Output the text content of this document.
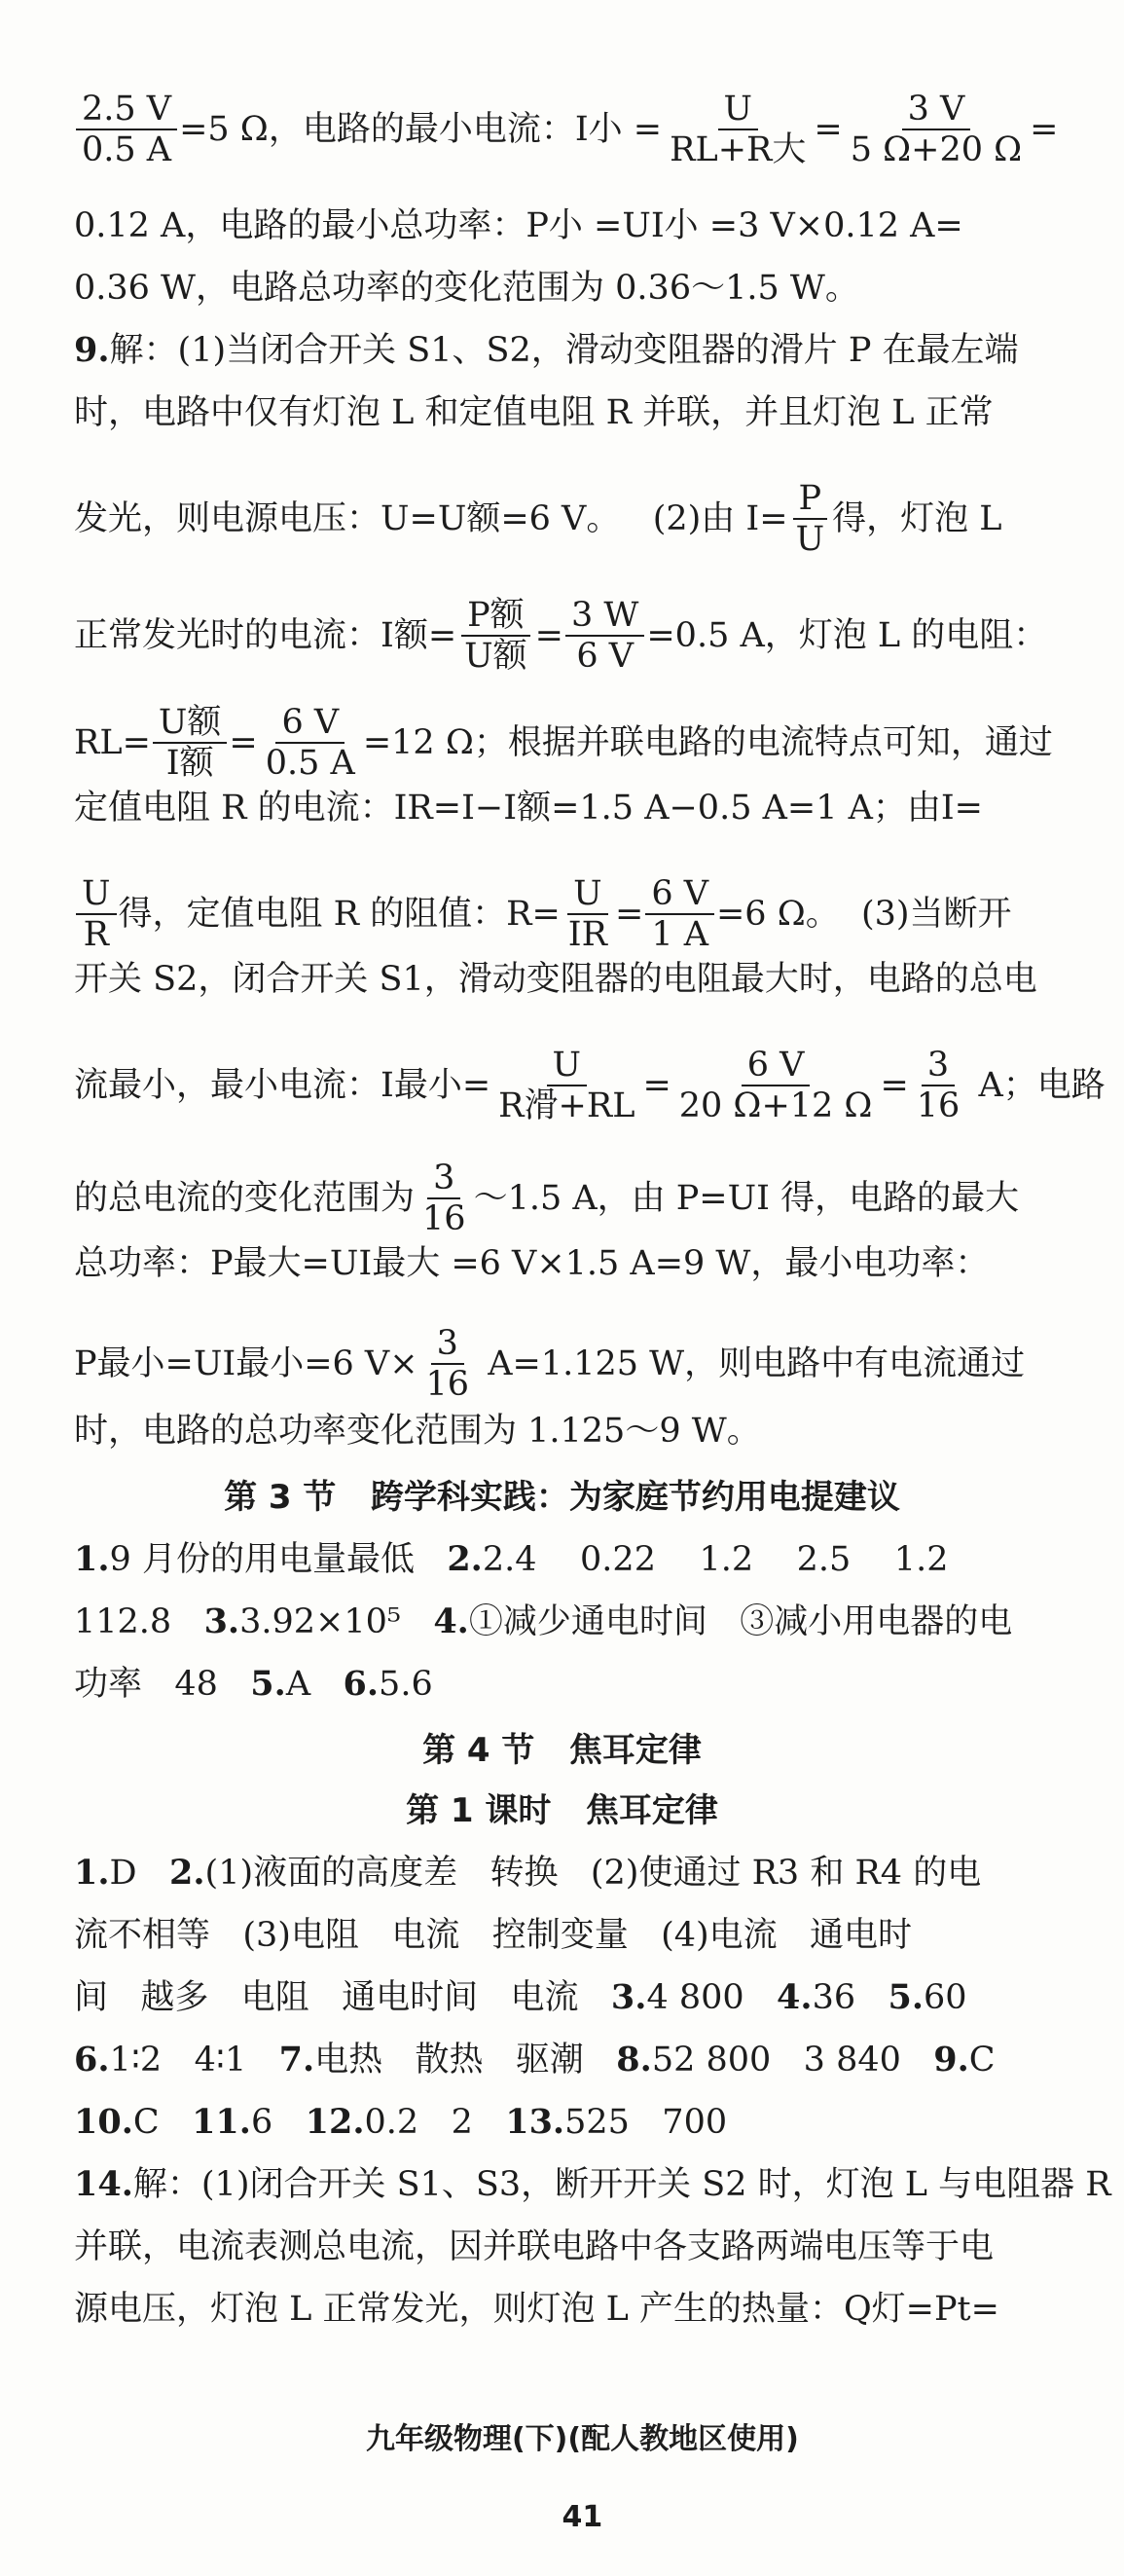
$\frac{2.5 V}{0.5 A} =5$ Ω，电路的最小电流：I小 = $\frac{U}{\text{RL+R大}} = \frac{3 V}{5 \Omega+20 \Omega}$ =
0.12 A，电路的最小总功率：P小 =UI小 =3 V×0.12 A=
0.36 W，电路总功率的变化范围为 0.36～1.5 W。
9. 解：(1)当闭合开关 S1、S2，滑动变阻器的滑片 P 在最左端
时，电路中仅有灯泡 L 和定值电阻 R 并联，并且灯泡 L 正常
发光，则电源电压：U=U额=6 V。   (2)由 $I= \frac{P}{U}$ 得，灯泡 L
正常发光时的电流：I额= $\frac{\text{P额}}{\text{U额}} = \frac{3 W}{6 V} =0.5$ A，灯泡 L 的电阻：
$RL= \frac{\text{U额}}{\text{I额}} = \frac{6 V}{0.5 A} =12$ Ω；根据并联电路的电流特点可知，通过
定值电阻 R 的电流：IR=I−I额=1.5 A−0.5 A=1 A；由I=
$\frac{U}{R}$ 得，定值电阻 R 的阻值：$R= \frac{U}{IR} = \frac{6 V}{1 A} =6$ Ω。  (3)当断开
开关 S2，闭合开关 S1，滑动变阻器的电阻最大时，电路的总电
流最小，最小电流：I最小= $\frac{U}{\text{R滑+RL}} = \frac{6 V}{20 \Omega+12 \Omega} = \frac{3}{16}$ A；电路
的总电流的变化范围为 $\frac{3}{16}$ ～1.5 A，由 P=UI 得，电路的最大
总功率：P最大=UI最大 =6 V×1.5 A=9 W，最小电功率：
P最小=UI最小=6 $V\times \frac{3}{16} A=1.125$ W，则电路中有电流通过
时，电路的总功率变化范围为 1.125～9 W。
第 3 节   跨学科实践：为家庭节约用电提建议
1. 9 月份的用电量最低 2. 2.4    0.22    1.2    2.5    1.2
112.8 3. 3.92×10⁵ 4. ①减少通电时间   ③减小用电器的电
功率   48 5. A 6. 5.6
第 4 节   焦耳定律
第 1 课时   焦耳定律
1. D 2. (1)液面的高度差   转换   (2)使通过 R3 和 R4 的电
流不相等   (3)电阻   电流   控制变量   (4)电流   通电时
间   越多   电阻   通电时间   电流 3. 4 800 4. 36 5. 60
6. 1∶2   4∶1 7. 电热   散热   驱潮 8. 52 800   3 840 9. C
10. C 11. 6 12. 0.2   2 13. 525   700
14. 解：(1)闭合开关 S1、S3，断开开关 S2 时，灯泡 L 与电阻器 R
并联，电流表测总电流，因并联电路中各支路两端电压等于电
源电压，灯泡 L 正常发光，则灯泡 L 产生的热量：Q灯=Pt=

九年级物理(下)(配人教地区使用)

41
